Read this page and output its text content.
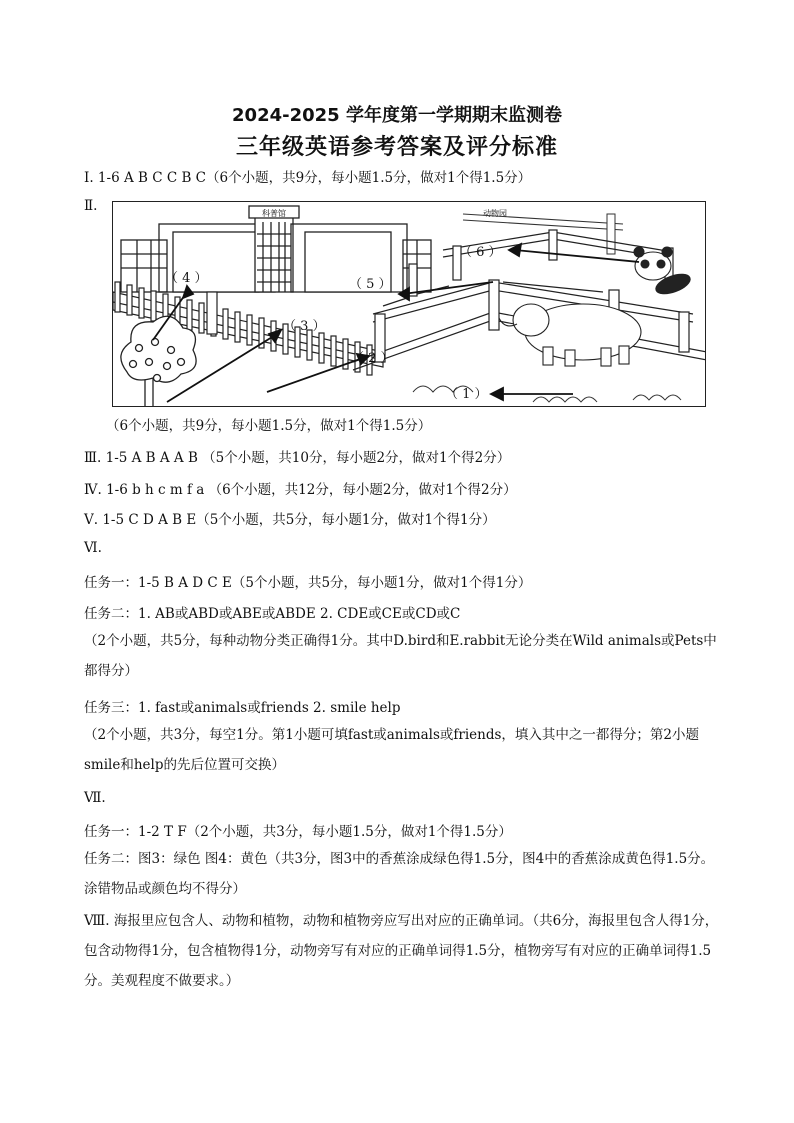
2024-2025 学年度第一学期期末监测卷
三年级英语参考答案及评分标准
Ⅰ. 1-6 A B C C B C（6个小题，共9分，每小题1.5分，做对1个得1.5分）
Ⅱ.	科普馆	动物园
（ 4 ）	（ 5 ）
（ 3 ）
（ 2 ）
（ 1 ）
（ 6 ）
（6个小题，共9分，每小题1.5分，做对1个得1.5分）
Ⅲ. 1-5 A B A A B （5个小题，共10分，每小题2分，做对1个得2分）
Ⅳ. 1-6 b h c m f a （6个小题，共12分，每小题2分，做对1个得2分）
Ⅴ. 1-5 C D A B E（5个小题，共5分，每小题1分，做对1个得1分）
Ⅵ.
任务一：1-5 B A D C E（5个小题，共5分，每小题1分，做对1个得1分）
任务二：1. AB或ABD或ABE或ABDE 2. CDE或CE或CD或C
（2个小题，共5分，每种动物分类正确得1分。其中D.bird和E.rabbit无论分类在Wild animals或Pets中都得分）
任务三：1. fast或animals或friends 2. smile help
（2个小题，共3分，每空1分。第1小题可填fast或animals或friends，填入其中之一都得分；第2小题smile和help的先后位置可交换）
Ⅶ.
任务一：1-2 T F（2个小题，共3分，每小题1.5分，做对1个得1.5分）
任务二：图3：绿色 图4：黄色（共3分，图3中的香蕉涂成绿色得1.5分，图4中的香蕉涂成黄色得1.5分。涂错物品或颜色均不得分）
Ⅷ. 海报里应包含人、动物和植物，动物和植物旁应写出对应的正确单词。（共6分，海报里包含人得1分，包含动物得1分，包含植物得1分，动物旁写有对应的正确单词得1.5分，植物旁写有对应的正确单词得1.5分。美观程度不做要求。）
